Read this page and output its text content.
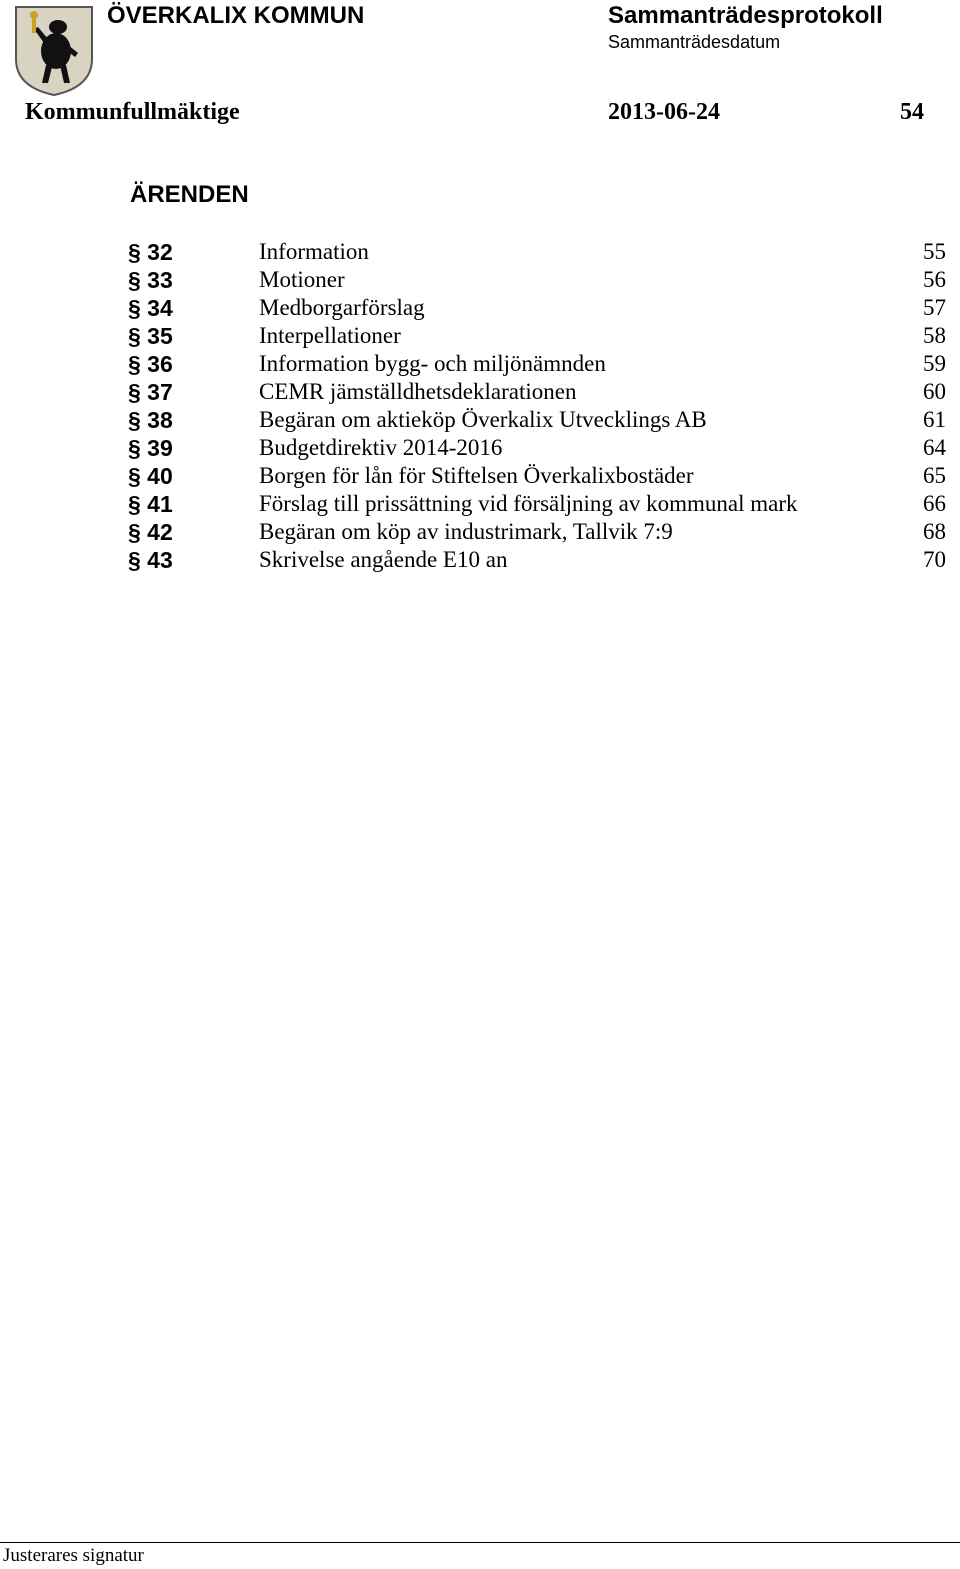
ÖVERKALIX KOMMUN	Sammanträdesprotokoll
Sammanträdesdatum
Kommunfullmäktige	2013-06-24	54
ÄRENDEN
§ 32	Information	55
§ 33	Motioner	56
§ 34	Medborgarförslag	57
§ 35	Interpellationer	58
§ 36	Information bygg- och miljönämnden	59
§ 37	CEMR jämställdhetsdeklarationen	60
§ 38	Begäran om aktieköp Överkalix Utvecklings AB	61
§ 39	Budgetdirektiv 2014-2016	64
§ 40	Borgen för lån för Stiftelsen Överkalixbostäder	65
§ 41	Förslag till prissättning vid försäljning av kommunal mark	66
§ 42	Begäran om köp av industrimark, Tallvik 7:9	68
§ 43	Skrivelse angående E10 an	70
Justerares signatur
